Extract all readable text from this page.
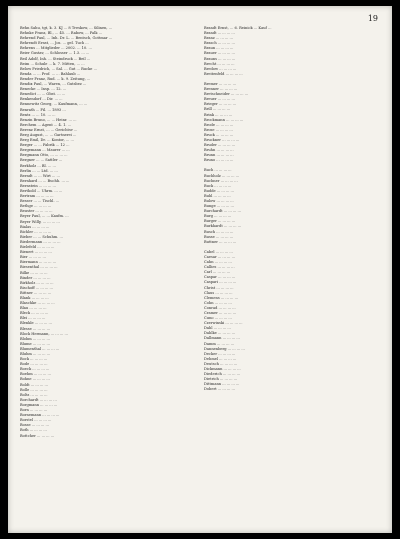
19

Behn Sahu, tgt, k. 3. KJ ... 8 Treskow, ... Silinen, ...

Behnke Franz, Bl., ... 45. ... Rabow, ... Falk ...

Behrend Paul, ... Inh. Dr. L. ... Bentsch, Gottmar ...

Behrendt Ernst, ... Jos. ... gel. Tuch ...

Behrens ... Mitglieder ... 2002. ... 10. ...

Beier Gustav, ... Schlosser ... 1.3. ... ...

Beil Adolf, Inh. ... Steindruck ... Beil ...

Beim ... Schule ... k. 7. Mitten, ... ...

Below Friedrich, ... Sal. ... Gut ... Rucke ...

Benda ... ... Prof. ... ... Bahlaub ...

Bender Franz, Rud. ... k. 9. Zeitung, ...

Bendix Paul, ... Waren, ... Gutsbez ...

Benecke ... Insp. ... 12. ...

Benedict ... ... Obst. ... ...

Benkendorf ... Dir. ... ...

Bennewitz Georg, ... Kaufmann, ... ...

Benrath ... Fil. ... 1893 ...

Bentz ... ... 10. ... ...

Benzin Bruno, ... ... Heinr. ... ...

Berchem ... Agent ... 4. 1. ...

Berenz Ernst, ... ... Gerichtsv ...

Berg August, ... ... Gartnerei ...

Berg Emil, Dr. ... Kontor, ... ...

Berger ... ... Fabrik ... 12 ...

Bergemann ... Maurer ... ...

Bergmann Otto, ... ... ... ...

Bergner ... ... Sattler ...

Berkholz ... Bl. ... ...

Berlin ... ... Ltd. ... ...

Berndt ... ... Wirt ... ...

Bernhard ... ... Buchh. ... ...

Bernstein ... ... ... ...

Berthold ... Uhrm. ... ...

Bertram ... ... ... ...

Besser ... ... Tischl. ...

Bethge ... ... ... ...

Beuster ... ... ... ...

Beyer Paul, ... ... Kaufm. ...

Beyer Willy, ... ... ... ...

Bialas ... ... ... ...

Bichler ... ... ... ...

Bieber ... ... Schuhm. ...

Biedermann ... ... ... ...

Bielefeld ... ... ... ...

Bienert ... ... ... ...

Bier ... ... ... ...

Biermann ... ... ... ...

Biesenthal ... ... ... ...

Bilke ... ... ... ...

Binder ... ... ... ...

Birkholz ... ... ... ...

Bischoff ... ... ... ...

Bittner ... ... ... ...

Blank ... ... ... ...

Blaschke ... ... ... ...

Blau ... ... ... ...

Bleck ... ... ... ...

Blei ... ... ... ...

Blenkle ... ... ... ...

Blesse ... ... ... ...

Block Hermann, ... ... ... ...

Blohm ... ... ... ...

Blume ... ... ... ...

Blumenthal ... ... ... ...

Bluhm ... ... ... ...

Bock ... ... ... ...

Bode ... ... ... ...

Boeck ... ... ... ...

Boehm ... ... ... ...

Bohne ... ... ... ...

Boldt ... ... ... ...

Bolle ... ... ... ...

Boltz ... ... ... ...

Borchardt ... ... ... ...

Borgmann ... ... ... ...

Born ... ... ... ...

Bornemann ... ... ... ...

Borstel ... ... ... ...

Bosse ... ... ... ...

Both ... ... ... ...

Bottcher ... ... ... ...

Brandt Ernst, ... 6. Reinick ... Kauf ...

Brandt ... ... ... ...

Branz ... ... ... ...

Brasch ... ... ... ...

Braun ... ... ... ...

Brauer ... ... ... ...

Brauns ... ... ... ...

Brecht ... ... ... ...

Bredow ... ... ... ...

Breitenfeld ... ... ... ...

Bremer ... ... ... ...

Brenner ... ... ... ...

Bretschneider ... ... ... ...

Breuer ... ... ... ...

Brieger ... ... ... ...

Brill ... ... ... ...

Brink ... ... ... ...

Brockmann ... ... ... ...

Brode ... ... ... ...

Brose ... ... ... ...

Bruck ... ... ... ...

Bruckner ... ... ... ...

Bruder ... ... ... ...

Bruhn ... ... ... ...

Brunn ... ... ... ...

Bruno ... ... ... ...

Buch ... ... ... ...

Buchholz ... ... ... ...

Buchner ... ... ... ...

Buck ... ... ... ...

Budde ... ... ... ...

Buhl ... ... ... ...

Bulow ... ... ... ...

Bunge ... ... ... ...

Burchardt ... ... ... ...

Burg ... ... ... ...

Burger ... ... ... ...

Burkhardt ... ... ... ...

Busch ... ... ... ...

Busse ... ... ... ...

Buttner ... ... ... ...

Cabel ... ... ... ...

Caesar ... ... ... ...

Cahn ... ... ... ...

Callies ... ... ... ...

Carl ... ... ... ...

Caspar ... ... ... ...

Caspari ... ... ... ...

Christ ... ... ... ...

Claus ... ... ... ...

Clemens ... ... ... ...

Cohn ... ... ... ...

Conrad ... ... ... ...

Cramer ... ... ... ...

Cuno ... ... ... ...

Czerwinski ... ... ... ...

Dahl ... ... ... ...

Dahlke ... ... ... ...

Dallmann ... ... ... ...

Damm ... ... ... ...

Dannenberg ... ... ... ...

Decker ... ... ... ...

Dehmel ... ... ... ...

Deutsch ... ... ... ...

Dickmann ... ... ... ...

Diederich ... ... ... ...

Dietrich ... ... ... ...

Dittmann ... ... ... ...

Dobert ... ... ... ...
